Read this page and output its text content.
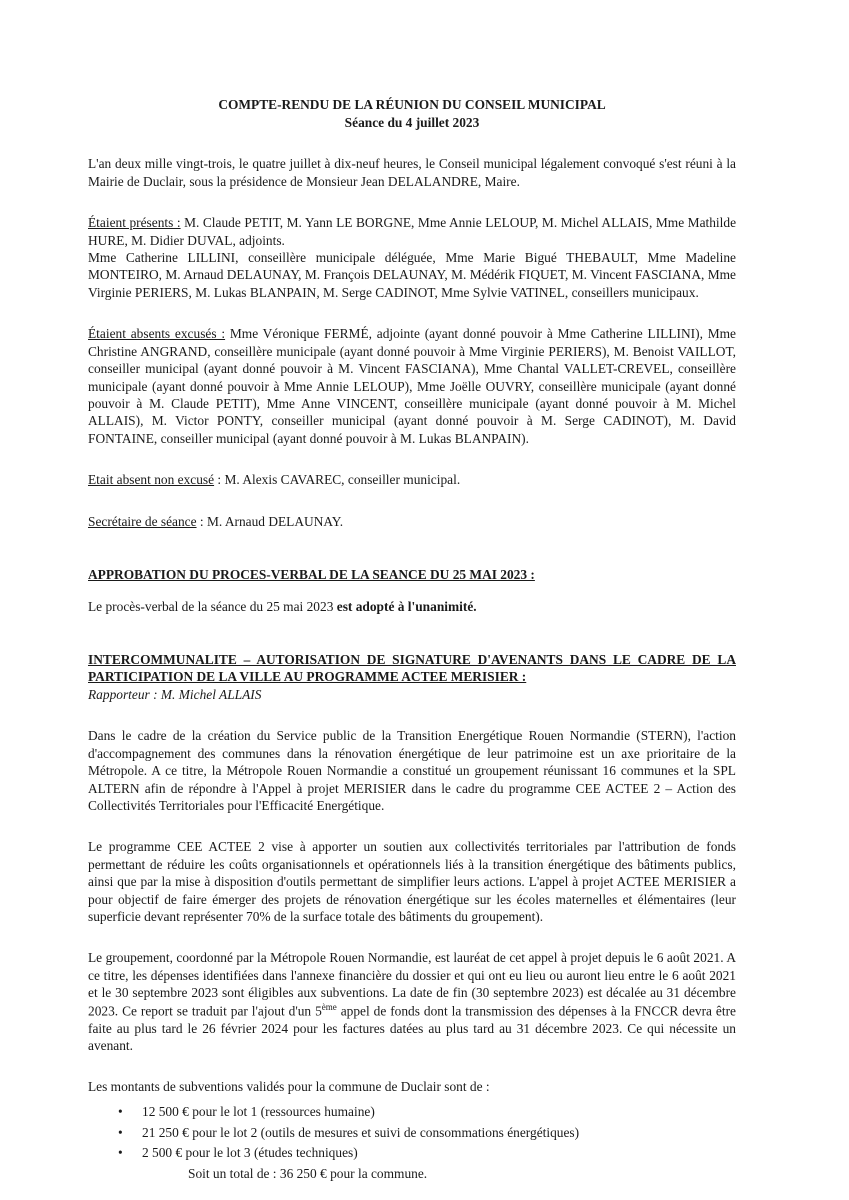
COMPTE-RENDU DE LA RÉUNION DU CONSEIL MUNICIPAL
Séance du 4 juillet 2023

L'an deux mille vingt-trois, le quatre juillet à dix-neuf heures, le Conseil municipal légalement convoqué s'est réuni à la Mairie de Duclair, sous la présidence de Monsieur Jean DELALANDRE, Maire.

Étaient présents : M. Claude PETIT, M. Yann LE BORGNE, Mme Annie LELOUP, M. Michel ALLAIS, Mme Mathilde HURE, M. Didier DUVAL, adjoints.

Mme Catherine LILLINI, conseillère municipale déléguée, Mme Marie Bigué THEBAULT, Mme Madeline MONTEIRO, M. Arnaud DELAUNAY, M. François DELAUNAY, M. Médérik FIQUET, M. Vincent FASCIANA, Mme Virginie PERIERS, M. Lukas BLANPAIN, M. Serge CADINOT, Mme Sylvie VATINEL, conseillers municipaux.

Étaient absents excusés : Mme Véronique FERMÉ, adjointe (ayant donné pouvoir à Mme Catherine LILLINI), Mme Christine ANGRAND, conseillère municipale (ayant donné pouvoir à Mme Virginie PERIERS), M. Benoist VAILLOT, conseiller municipal (ayant donné pouvoir à M. Vincent FASCIANA), Mme Chantal VALLET-CREVEL, conseillère municipale (ayant donné pouvoir à Mme Annie LELOUP), Mme Joëlle OUVRY, conseillère municipale (ayant donné pouvoir à M. Claude PETIT), Mme Anne VINCENT, conseillère municipale (ayant donné pouvoir à M. Michel ALLAIS), M. Victor PONTY, conseiller municipal (ayant donné pouvoir à M. Serge CADINOT), M. David FONTAINE, conseiller municipal (ayant donné pouvoir à M. Lukas BLANPAIN).

Etait absent non excusé : M. Alexis CAVAREC, conseiller municipal.

Secrétaire de séance : M. Arnaud DELAUNAY.

APPROBATION DU PROCES-VERBAL DE LA SEANCE DU 25 MAI 2023 :

Le procès-verbal de la séance du 25 mai 2023 est adopté à l'unanimité.

INTERCOMMUNALITE – AUTORISATION DE SIGNATURE D'AVENANTS DANS LE CADRE DE LA PARTICIPATION DE LA VILLE AU PROGRAMME ACTEE MERISIER :

Rapporteur : M. Michel ALLAIS

Dans le cadre de la création du Service public de la Transition Energétique Rouen Normandie (STERN), l'action d'accompagnement des communes dans la rénovation énergétique de leur patrimoine est un axe prioritaire de la Métropole. A ce titre, la Métropole Rouen Normandie a constitué un groupement réunissant 16 communes et la SPL ALTERN afin de répondre à l'Appel à projet MERISIER dans le cadre du programme CEE ACTEE 2 – Action des Collectivités Territoriales pour l'Efficacité Energétique.

Le programme CEE ACTEE 2 vise à apporter un soutien aux collectivités territoriales par l'attribution de fonds permettant de réduire les coûts organisationnels et opérationnels liés à la transition énergétique des bâtiments publics, ainsi que par la mise à disposition d'outils permettant de simplifier leurs actions. L'appel à projet ACTEE MERISIER a pour objectif de faire émerger des projets de rénovation énergétique sur les écoles maternelles et élémentaires (leur superficie devant représenter 70% de la surface totale des bâtiments du groupement).

Le groupement, coordonné par la Métropole Rouen Normandie, est lauréat de cet appel à projet depuis le 6 août 2021. A ce titre, les dépenses identifiées dans l'annexe financière du dossier et qui ont eu lieu ou auront lieu entre le 6 août 2021 et le 30 septembre 2023 sont éligibles aux subventions. La date de fin (30 septembre 2023) est décalée au 31 décembre 2023. Ce report se traduit par l'ajout d'un 5ème appel de fonds dont la transmission des dépenses à la FNCCR devra être faite au plus tard le 26 février 2024 pour les factures datées au plus tard au 31 décembre 2023. Ce qui nécessite un avenant.

Les montants de subventions validés pour la commune de Duclair sont de :

• 12 500 € pour le lot 1 (ressources humaine)
• 21 250 € pour le lot 2 (outils de mesures et suivi de consommations énergétiques)
• 2 500 € pour le lot 3 (études techniques)
Soit un total de : 36 250 € pour la commune.
